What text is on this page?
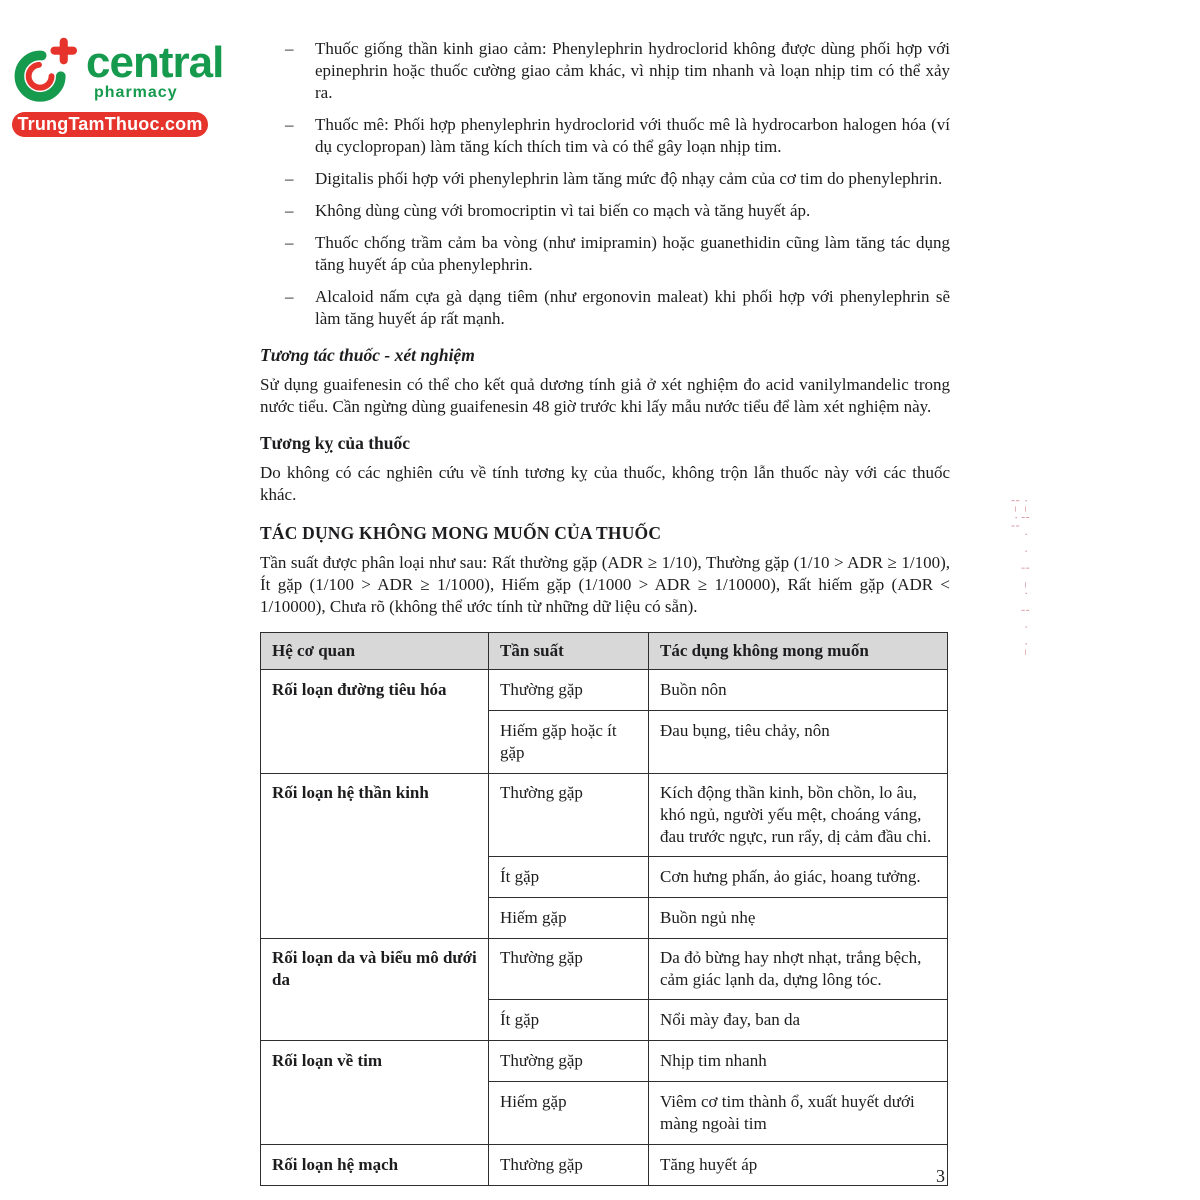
central
pharmacy
TrungTamThuoc.com
– Thuốc giống thần kinh giao cảm: Phenylephrin hydroclorid không được dùng phối hợp với epinephrin hoặc thuốc cường giao cảm khác, vì nhịp tim nhanh và loạn nhịp tim có thể xảy ra.
– Thuốc mê: Phối hợp phenylephrin hydroclorid với thuốc mê là hydrocarbon halogen hóa (ví dụ cyclopropan) làm tăng kích thích tim và có thể gây loạn nhịp tim.
– Digitalis phối hợp với phenylephrin làm tăng mức độ nhạy cảm của cơ tim do phenylephrin.
– Không dùng cùng với bromocriptin vì tai biến co mạch và tăng huyết áp.
– Thuốc chống trầm cảm ba vòng (như imipramin) hoặc guanethidin cũng làm tăng tác dụng tăng huyết áp của phenylephrin.
– Alcaloid nấm cựa gà dạng tiêm (như ergonovin maleat) khi phối hợp với phenylephrin sẽ làm tăng huyết áp rất mạnh.
Tương tác thuốc - xét nghiệm

Sử dụng guaifenesin có thể cho kết quả dương tính giả ở xét nghiệm đo acid vanilylmandelic trong nước tiểu. Cần ngừng dùng guaifenesin 48 giờ trước khi lấy mẫu nước tiểu để làm xét nghiệm này.

Tương kỵ của thuốc

Do không có các nghiên cứu về tính tương kỵ của thuốc, không trộn lẫn thuốc này với các thuốc khác.

TÁC DỤNG KHÔNG MONG MUỐN CỦA THUỐC

Tần suất được phân loại như sau: Rất thường gặp (ADR ≥ 1/10), Thường gặp (1/10 > ADR ≥ 1/100), Ít gặp (1/100 > ADR ≥ 1/1000), Hiếm gặp (1/1000 > ADR ≥ 1/10000), Rất hiếm gặp (ADR < 1/10000), Chưa rõ (không thể ước tính từ những dữ liệu có sẵn).

Hệ cơ quan	Tần suất	Tác dụng không mong muốn
Rối loạn đường tiêu hóa	Thường gặp	Buồn nôn
	Hiếm gặp hoặc ít gặp	Đau bụng, tiêu chảy, nôn
Rối loạn hệ thần kinh	Thường gặp	Kích động thần kinh, bồn chồn, lo âu, khó ngủ, người yếu mệt, choáng váng, đau trước ngực, run rẩy, dị cảm đầu chi.
	Ít gặp	Cơn hưng phấn, ảo giác, hoang tưởng.
	Hiếm gặp	Buồn ngủ nhẹ
Rối loạn da và biểu mô dưới da	Thường gặp	Da đỏ bừng hay nhợt nhạt, trắng bệch, cảm giác lạnh da, dựng lông tóc.
	Ít gặp	Nổi mày đay, ban da
Rối loạn về tim	Thường gặp	Nhịp tim nhanh
	Hiếm gặp	Viêm cơ tim thành ổ, xuất huyết dưới màng ngoài tim
Rối loạn hệ mạch	Thường gặp	Tăng huyết áp
·–¦ · · ¦ –· ¦ · ·– ¦–·¦
3
